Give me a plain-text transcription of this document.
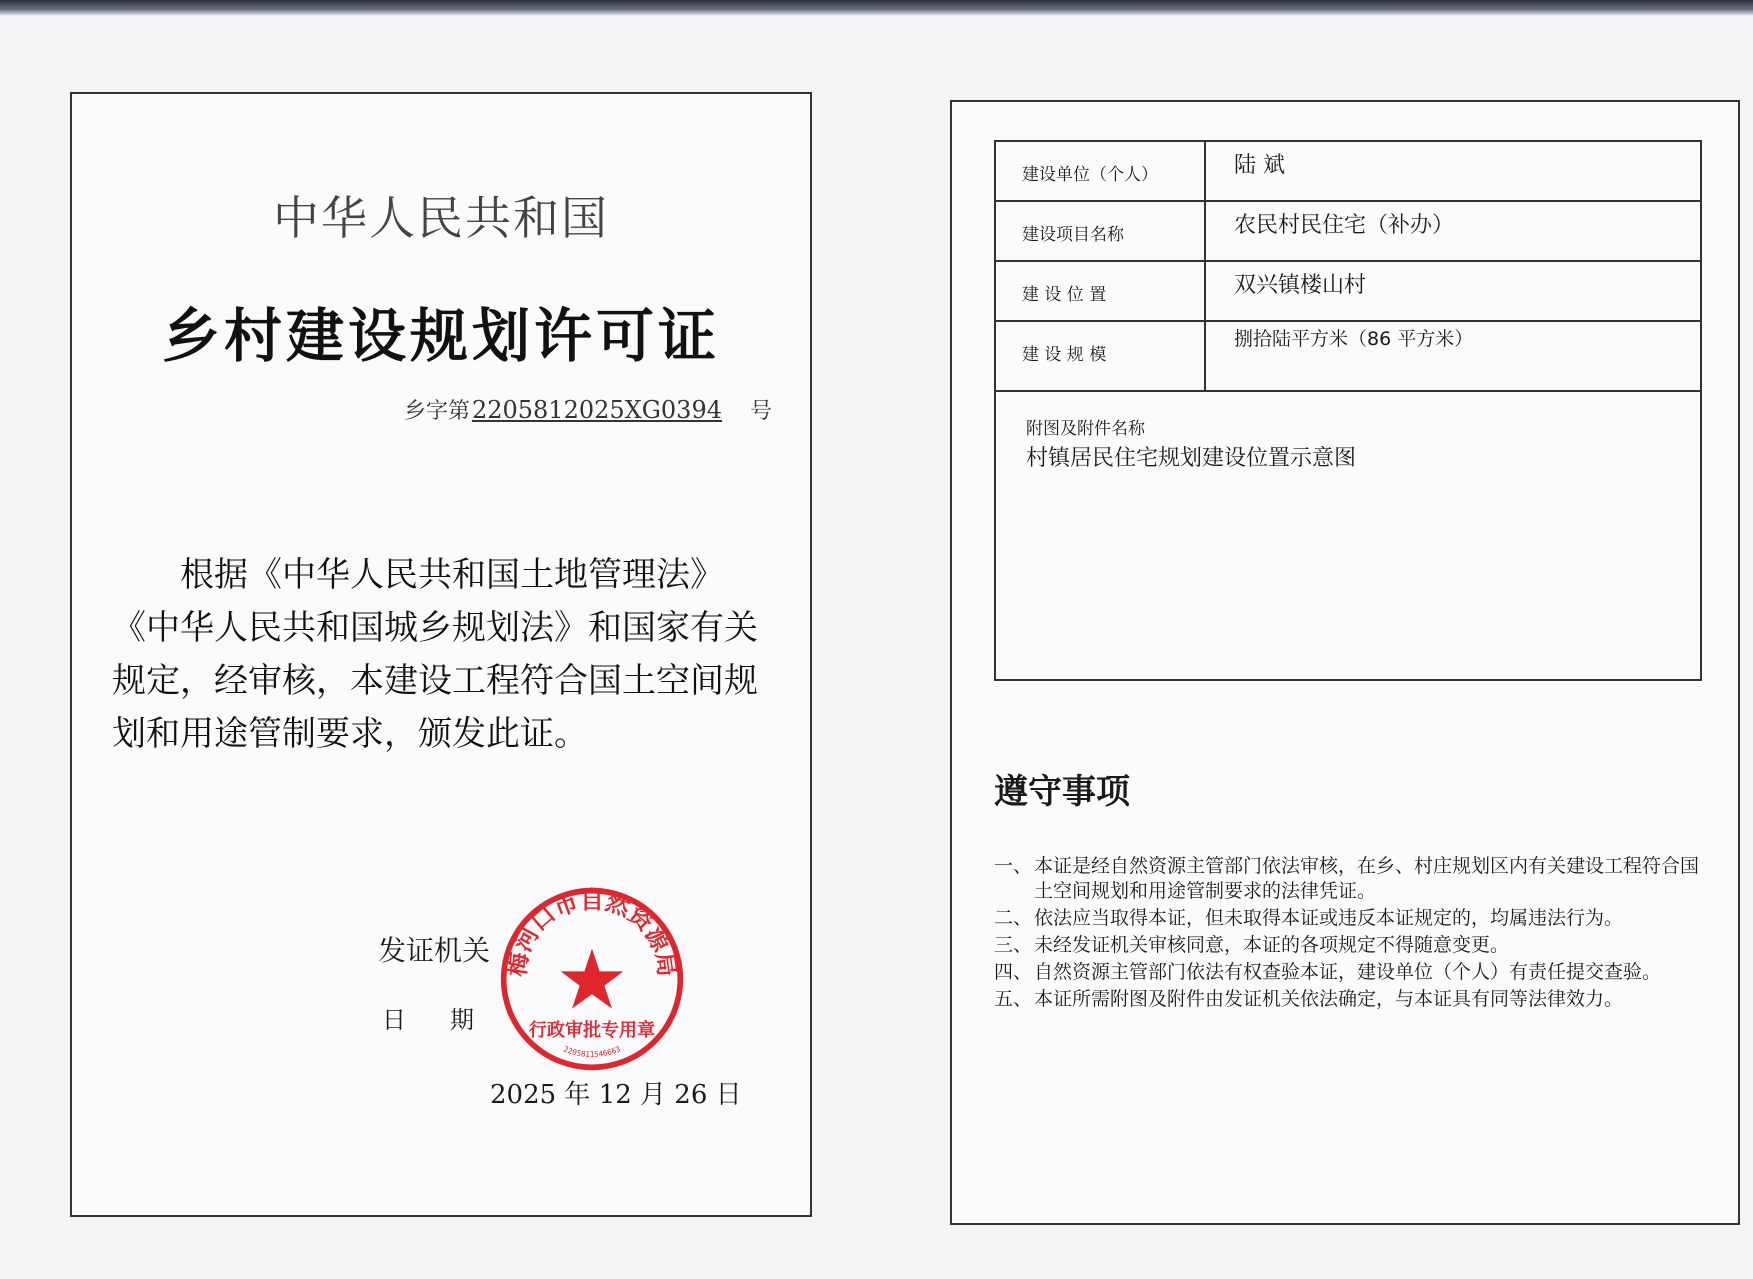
中华人民共和国
乡村建设规划许可证
乡字第2205812025XG0394 号
根据《中华人民共和国土地管理法》《中华人民共和国城乡规划法》和国家有关规定，经审核，本建设工程符合国土空间规划和用途管制要求，颁发此证。
发证机关
日期
梅河口市自然资源局
行政审批专用章
2205811546663
2025 年 12 月 26 日
建设单位（个人）	陆 斌
建设项目名称	农民村民住宅（补办）
建 设 位 置	双兴镇楼山村
建 设 规 模	捌拾陆平方米（86 平方米）

附图及附件名称
村镇居民住宅规划建设位置示意图	
遵守事项
一、 本证是经自然资源主管部门依法审核，在乡、村庄规划区内有关建设工程符合国土空间规划和用途管制要求的法律凭证。
二、 依法应当取得本证，但未取得本证或违反本证规定的，均属违法行为。
三、 未经发证机关审核同意，本证的各项规定不得随意变更。
四、 自然资源主管部门依法有权查验本证，建设单位（个人）有责任提交查验。
五、 本证所需附图及附件由发证机关依法确定，与本证具有同等法律效力。
